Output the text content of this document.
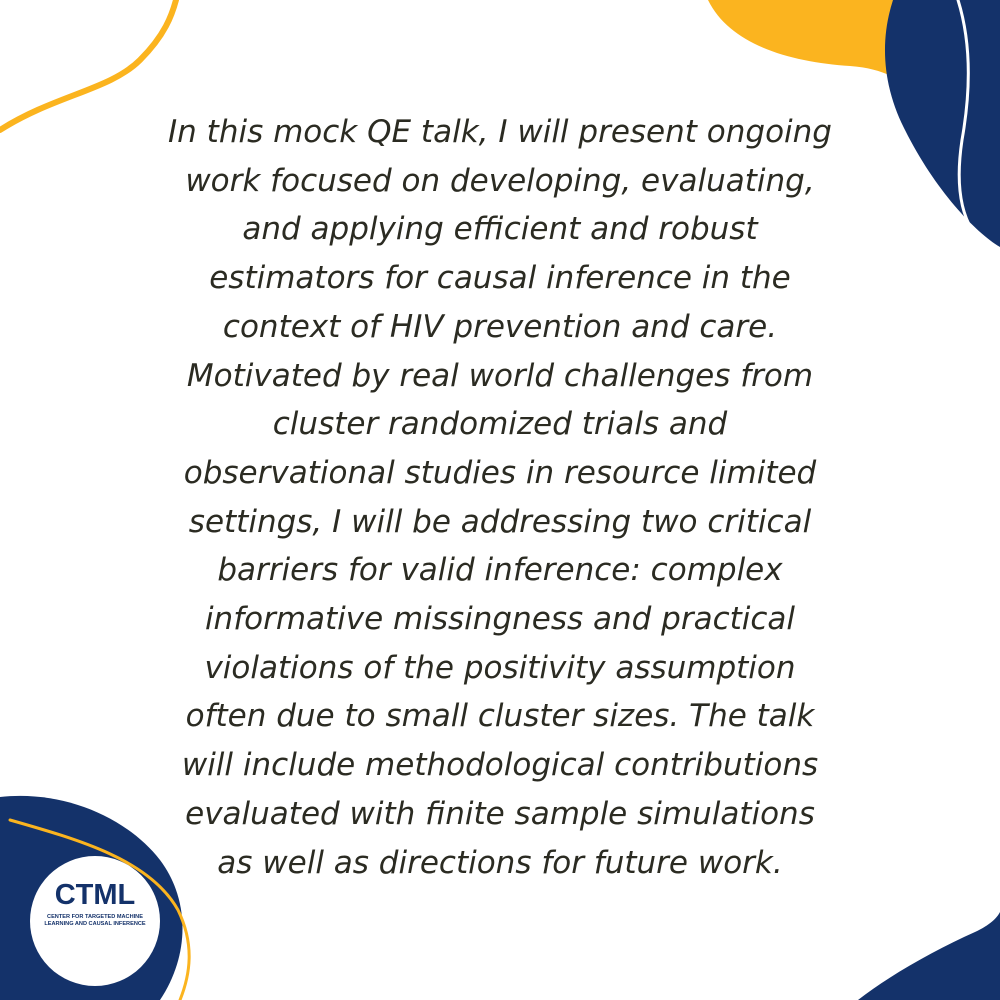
In this mock QE talk, I will present ongoing
work focused on developing, evaluating,
and applying efficient and robust
estimators for causal inference in the
context of HIV prevention and care.
Motivated by real world challenges from
cluster randomized trials and
observational studies in resource limited
settings, I will be addressing two critical
barriers for valid inference: complex
informative missingness and practical
violations of the positivity assumption
often due to small cluster sizes. The talk
will include methodological contributions
evaluated with finite sample simulations
as well as directions for future work.

CTML
CENTER FOR TARGETED MACHINE
LEARNING AND CAUSAL INFERENCE
